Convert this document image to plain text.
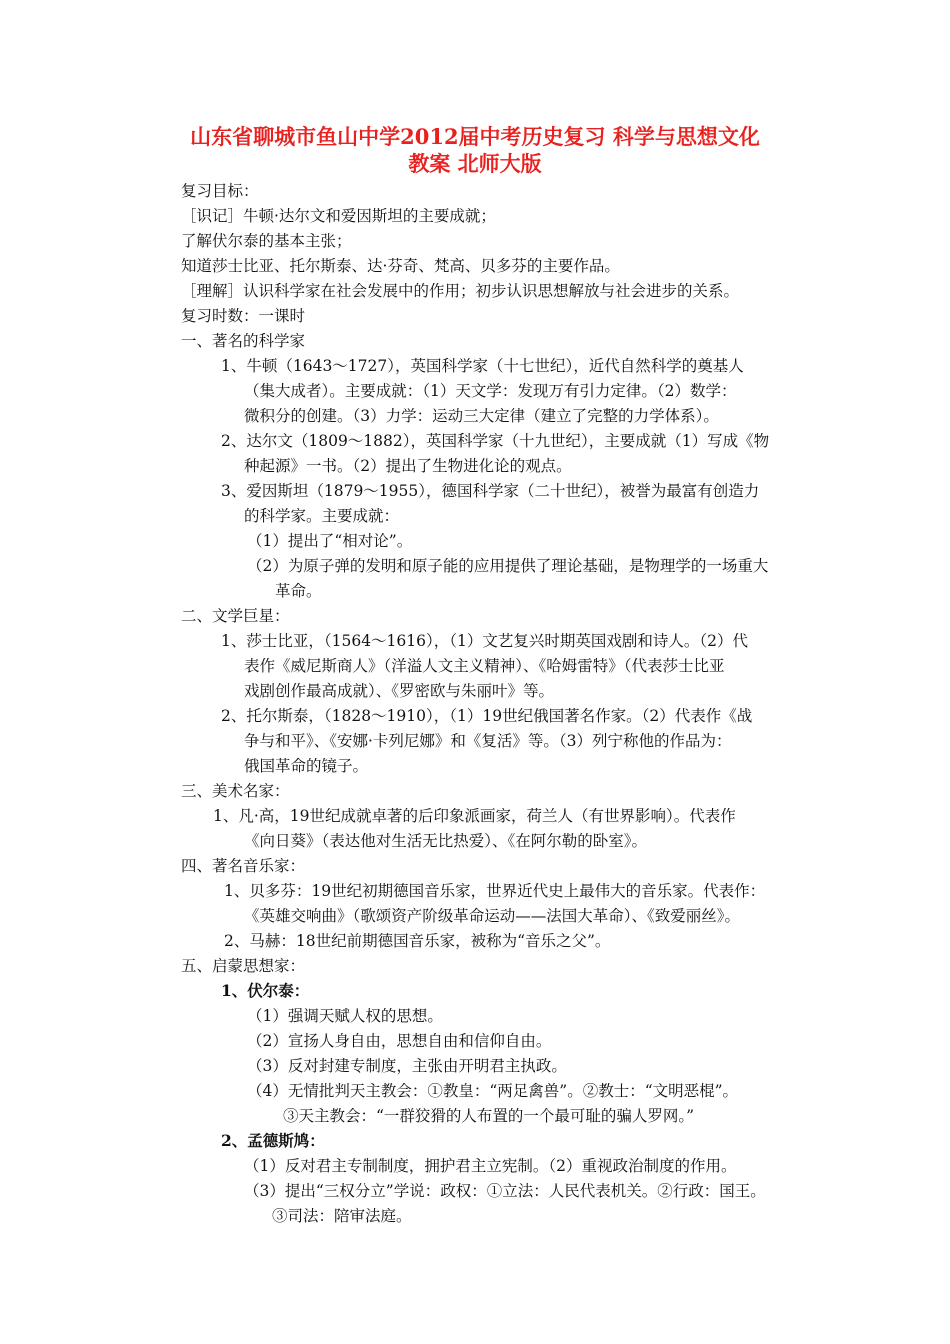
山东省聊城市鱼山中学2012届中考历史复习 科学与思想文化
教案 北师大版
复习目标：
［识记］牛顿·达尔文和爱因斯坦的主要成就；
了解伏尔泰的基本主张；
知道莎士比亚、托尔斯泰、达·芬奇、梵高、贝多芬的主要作品。
［理解］认识科学家在社会发展中的作用；初步认识思想解放与社会进步的关系。
复习时数：一课时
一、著名的科学家
1、牛顿（1643～1727），英国科学家（十七世纪），近代自然科学的奠基人
（集大成者）。主要成就：（1）天文学：发现万有引力定律。（2）数学：
微积分的创建。（3）力学：运动三大定律（建立了完整的力学体系）。
2、达尔文（1809～1882），英国科学家（十九世纪），主要成就（1）写成《物
种起源》一书。（2）提出了生物进化论的观点。
3、爱因斯坦（1879～1955），德国科学家（二十世纪），被誉为最富有创造力
的科学家。主要成就：
（1）提出了“相对论”。
（2）为原子弹的发明和原子能的应用提供了理论基础，是物理学的一场重大
革命。
二、文学巨星：
1、莎士比亚，（1564～1616），（1）文艺复兴时期英国戏剧和诗人。（2）代
表作《威尼斯商人》（洋溢人文主义精神）、《哈姆雷特》（代表莎士比亚
戏剧创作最高成就）、《罗密欧与朱丽叶》等。
2、托尔斯泰，（1828～1910），（1）19世纪俄国著名作家。（2）代表作《战
争与和平》、《安娜·卡列尼娜》和《复活》等。（3）列宁称他的作品为：
俄国革命的镜子。
三、美术名家：
1、凡·高，19世纪成就卓著的后印象派画家，荷兰人（有世界影响）。代表作
《向日葵》（表达他对生活无比热爱）、《在阿尔勒的卧室》。
四、著名音乐家：
1、贝多芬：19世纪初期德国音乐家，世界近代史上最伟大的音乐家。代表作：
《英雄交响曲》（歌颂资产阶级革命运动——法国大革命）、《致爱丽丝》。
2、马赫：18世纪前期德国音乐家，被称为“音乐之父”。
五、启蒙思想家：
1、伏尔泰：
（1）强调天赋人权的思想。
（2）宣扬人身自由，思想自由和信仰自由。
（3）反对封建专制度，主张由开明君主执政。
（4）无情批判天主教会：①教皇：“两足禽兽”。②教士：“文明恶棍”。
③天主教会：“一群狡猾的人布置的一个最可耻的骗人罗网。”
2、孟德斯鸠：
（1）反对君主专制制度，拥护君主立宪制。（2）重视政治制度的作用。
（3）提出“三权分立”学说：政权：①立法：人民代表机关。②行政：国王。
③司法：陪审法庭。
